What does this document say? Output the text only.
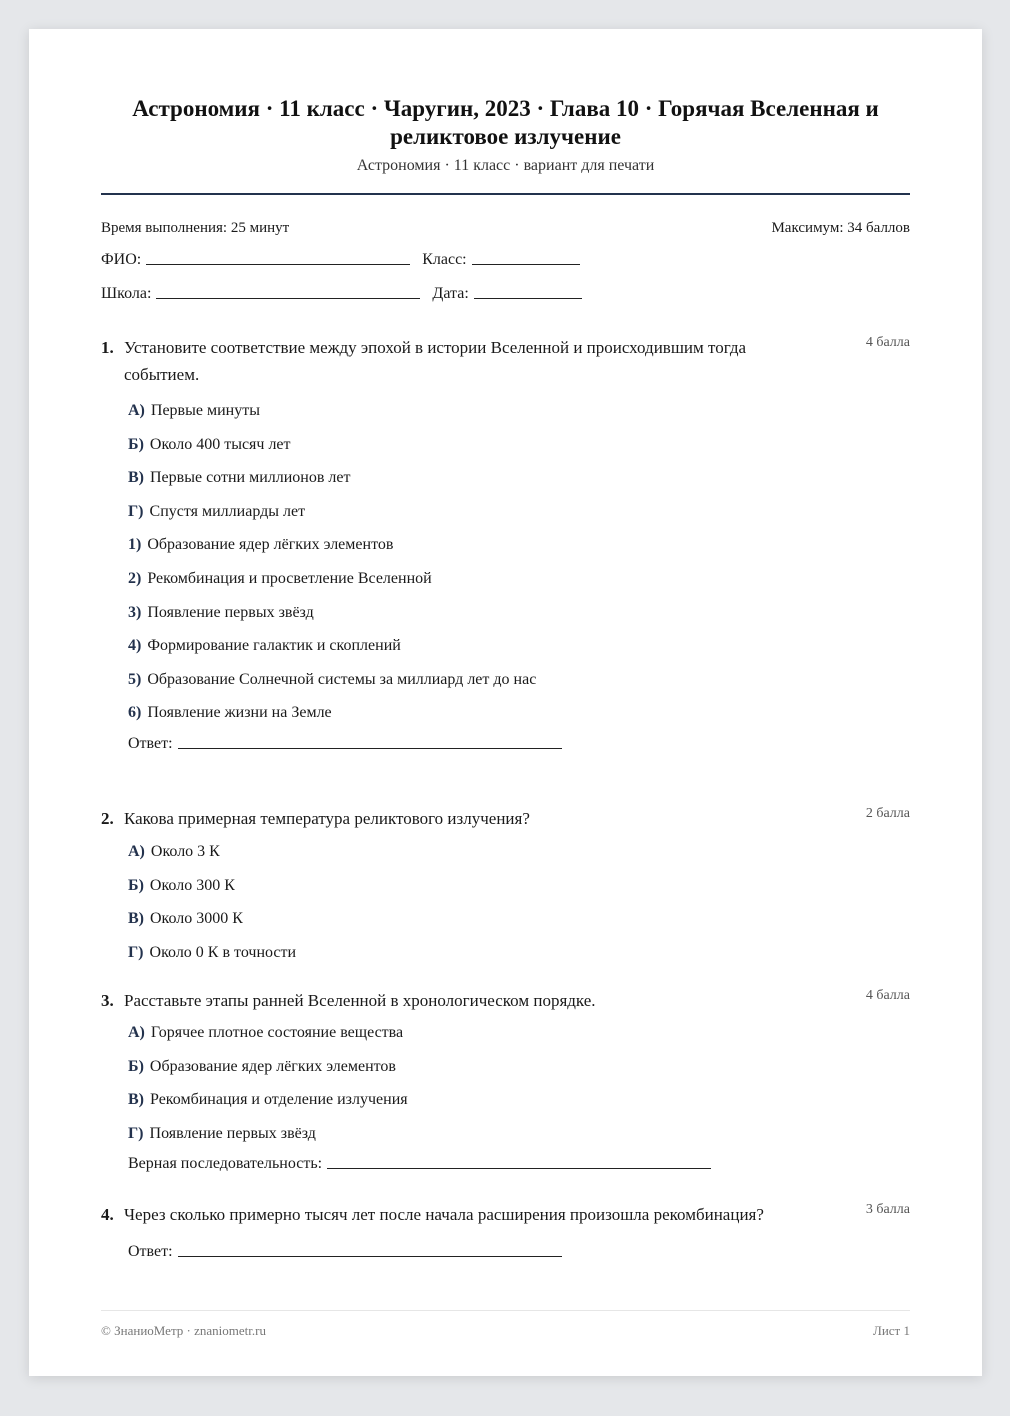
Астрономия · 11 класс · Чаругин, 2023 · Глава 10 · Горячая Вселенная и реликтовое излучение
Астрономия · 11 класс · вариант для печати
Время выполнения: 25 минут	Максимум: 34 баллов
ФИО:	Класс:
Школа:	Дата:
1. Установите соответствие между эпохой в истории Вселенной и происходившим тогда событием.
4 балла
А) Первые минуты
Б) Около 400 тысяч лет
В) Первые сотни миллионов лет
Г) Спустя миллиарды лет
1) Образование ядер лёгких элементов
2) Рекомбинация и просветление Вселенной
3) Появление первых звёзд
4) Формирование галактик и скоплений
5) Образование Солнечной системы за миллиард лет до нас
6) Появление жизни на Земле
Ответ:
2. Какова примерная температура реликтового излучения?	2 балла
А) Около 3 К
Б) Около 300 К
В) Около 3000 К
Г) Около 0 К в точности
3. Расставьте этапы ранней Вселенной в хронологическом порядке.	4 балла
А) Горячее плотное состояние вещества
Б) Образование ядер лёгких элементов
В) Рекомбинация и отделение излучения
Г) Появление первых звёзд
Верная последовательность:
4. Через сколько примерно тысяч лет после начала расширения произошла рекомбинация?	3 балла
Ответ:
© ЗнаниоМетр · znaniometr.ru	Лист 1
